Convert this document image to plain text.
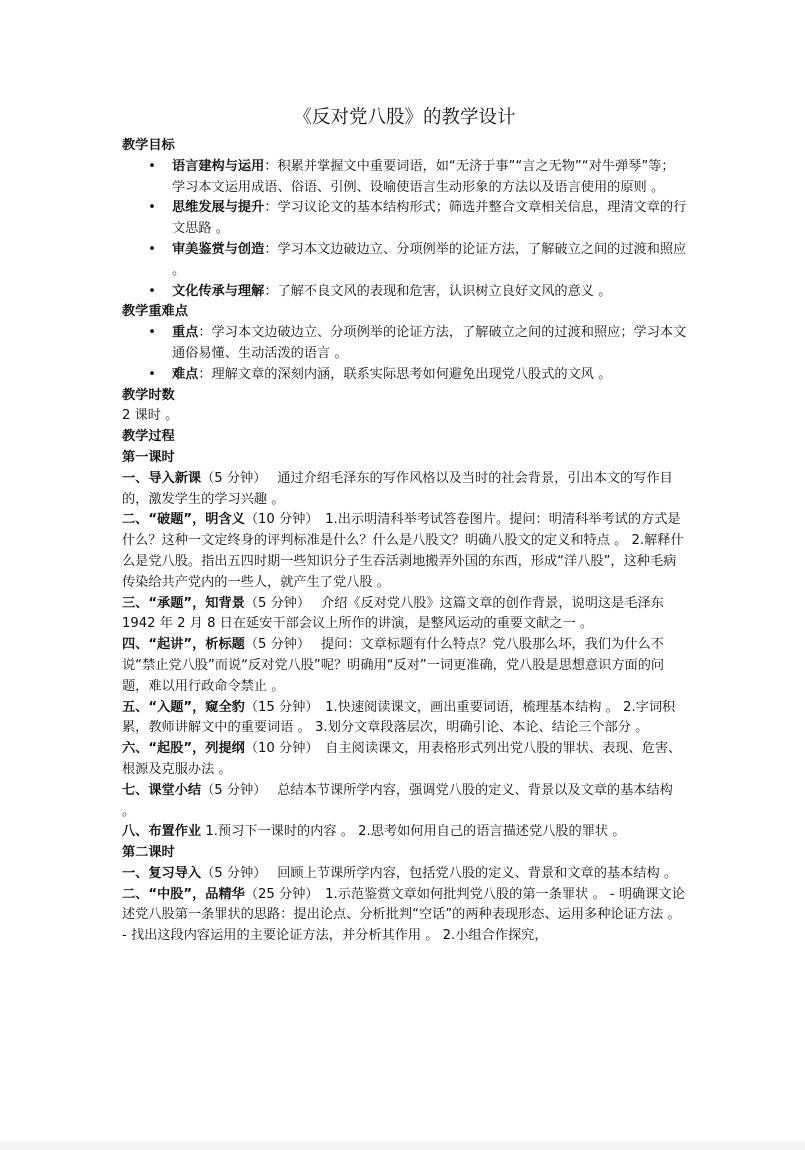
《反对党八股》的教学设计

教学目标

• 语言建构与运用：积累并掌握文中重要词语，如“无济于事”“言之无物”“对牛弹琴”等；学习本文运用成语、俗语、引例、设喻使语言生动形象的方法以及语言使用的原则 。
• 思维发展与提升：学习议论文的基本结构形式；筛选并整合文章相关信息，理清文章的行文思路 。
• 审美鉴赏与创造：学习本文边破边立、分项例举的论证方法，了解破立之间的过渡和照应 。
• 文化传承与理解：了解不良文风的表现和危害，认识树立良好文风的意义 。

教学重难点

• 重点：学习本文边破边立、分项例举的论证方法，了解破立之间的过渡和照应；学习本文通俗易懂、生动活泼的语言 。
• 难点：理解文章的深刻内涵，联系实际思考如何避免出现党八股式的文风 。

教学时数

2 课时 。

教学过程

第一课时

一、导入新课（5 分钟）　 通过介绍毛泽东的写作风格以及当时的社会背景，引出本文的写作目的，激发学生的学习兴趣 。

二、“破题”，明含义（10 分钟）　1.出示明清科举考试答卷图片。提问：明清科举考试的方式是什么？这种一文定终身的评判标准是什么？什么是八股文？明确八股文的定义和特点 。 2.解释什么是党八股。指出五四时期一些知识分子生吞活剥地搬弄外国的东西，形成“洋八股”，这种毛病传染给共产党内的一些人，就产生了党八股 。

三、“承题”，知背景（5 分钟）　 介绍《反对党八股》这篇文章的创作背景，说明这是毛泽东 1942 年 2 月 8 日在延安干部会议上所作的讲演，是整风运动的重要文献之一 。

四、“起讲”，析标题（5 分钟）　 提问：文章标题有什么特点？党八股那么坏，我们为什么不说“禁止党八股”而说“反对党八股”呢？明确用“反对”一词更准确，党八股是思想意识方面的问题，难以用行政命令禁止 。

五、“入题”，窥全豹（15 分钟）　1.快速阅读课文，画出重要词语，梳理基本结构 。 2.字词积累，教师讲解文中的重要词语 。 3.划分文章段落层次，明确引论、本论、结论三个部分 。

六、“起股”，列提纲（10 分钟）　自主阅读课文，用表格形式列出党八股的罪状、表现、危害、根源及克服办法 。

七、课堂小结（5 分钟）　 总结本节课所学内容，强调党八股的定义、背景以及文章的基本结构 。

八、布置作业 1.预习下一课时的内容 。 2.思考如何用自己的语言描述党八股的罪状 。

第二课时

一、复习导入（5 分钟）　 回顾上节课所学内容，包括党八股的定义、背景和文章的基本结构 。

二、“中股”，品精华（25 分钟）　1.示范鉴赏文章如何批判党八股的第一条罪状 。 - 明确课文论述党八股第一条罪状的思路：提出论点、分析批判“空话”的两种表现形态、运用多种论证方法 。 - 找出这段内容运用的主要论证方法，并分析其作用 。 2.小组合作探究，
